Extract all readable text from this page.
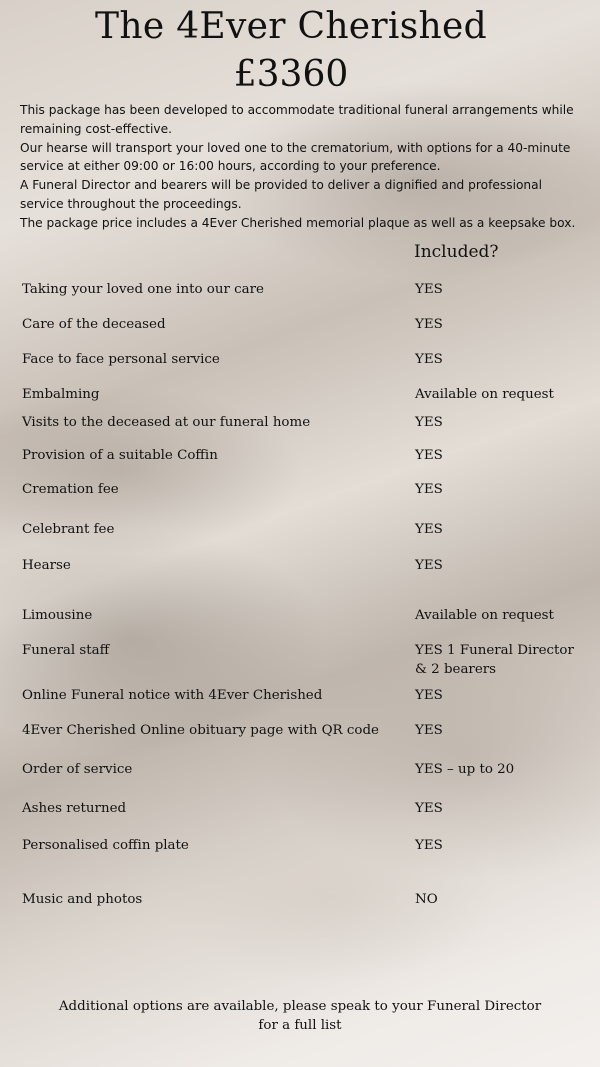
The 4Ever Cherished
£3360

This package has been developed to accommodate traditional funeral arrangements while remaining cost-effective.

Our hearse will transport your loved one to the crematorium, with options for a 40-minute service at either 09:00 or 16:00 hours, according to your preference.

A Funeral Director and bearers will be provided to deliver a dignified and professional service throughout the proceedings.

The package price includes a 4Ever Cherished memorial plaque as well as a keepsake box.

Included?
Taking your loved one into our care	YES
Care of the deceased	YES
Face to face personal service	YES
Embalming	Available on request
Visits to the deceased at our funeral home	YES
Provision of a suitable Coffin	YES
Cremation fee	YES
Celebrant fee	YES
Hearse	YES
Limousine	Available on request
Funeral staff	YES 1 Funeral Director
& 2 bearers
Online Funeral notice with 4Ever Cherished	YES
4Ever Cherished Online obituary page with QR code	YES
Order of service	YES – up to 20
Ashes returned	YES
Personalised coffin plate	YES
Music and photos	NO
Additional options are available, please speak to your Funeral Director
for a full list
